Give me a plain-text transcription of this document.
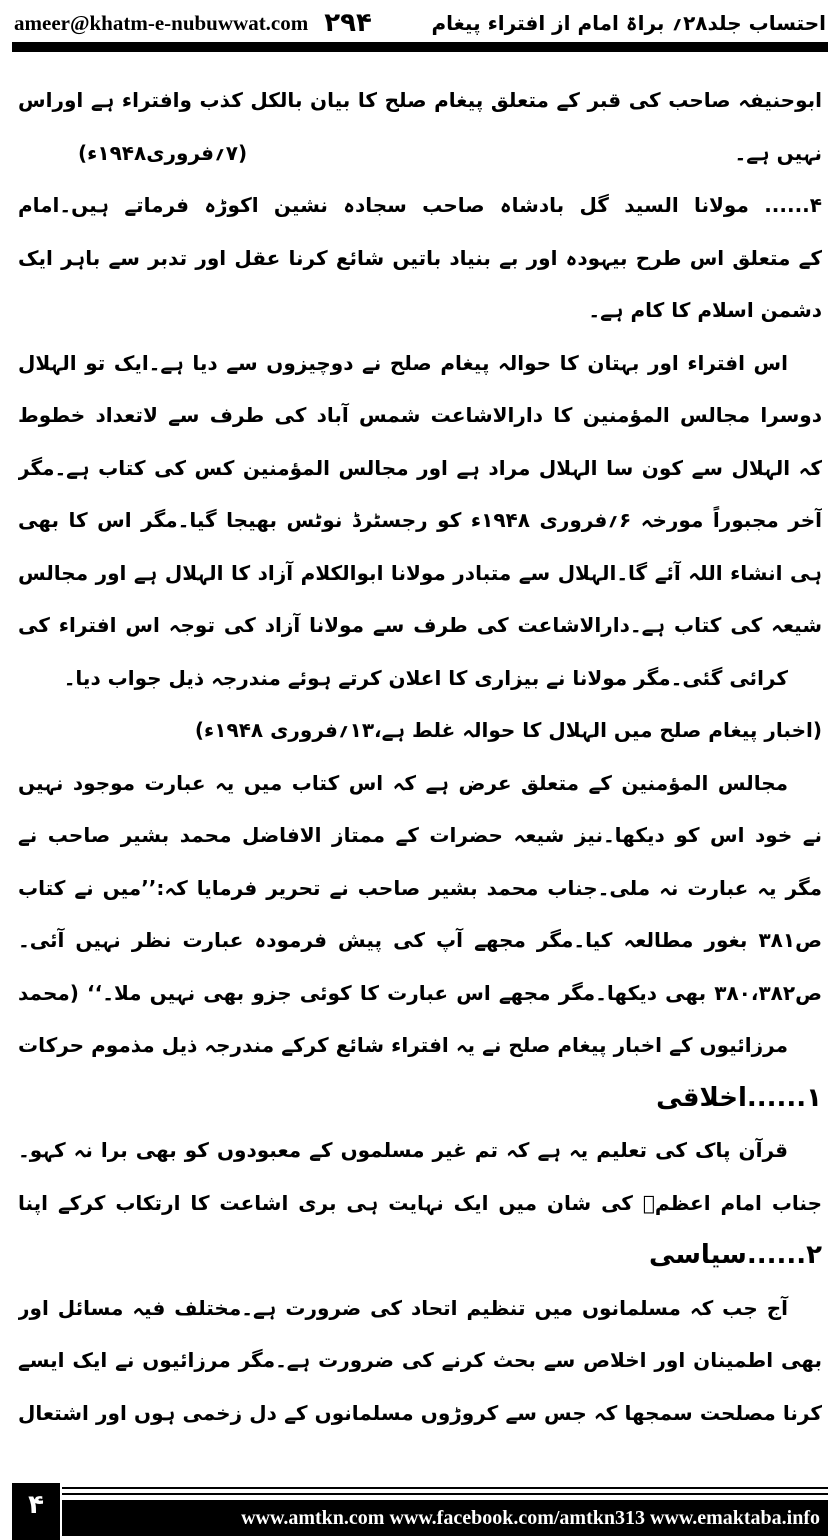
ameer@khatm-e-nubuwwat.com ۲۹۴	احتساب جلد۲۸؍ براۃ امام از افتراء پیغام
ابوحنیفہ صاحب کی قبر کے متعلق پیغام صلح کا بیان بالکل کذب وافتراء ہے اوراس
نہیں ہے۔
(۷؍فروری۱۹۴۸ء)
۴...... مولانا السید گل بادشاہ صاحب سجادہ نشین اکوڑہ فرماتے ہیں۔امام
کے متعلق اس طرح بیہودہ اور بے بنیاد باتیں شائع کرنا عقل اور تدبر سے باہر ایک
دشمن اسلام کا کام ہے۔
اس افتراء اور بہتان کا حوالہ پیغام صلح نے دوچیزوں سے دیا ہے۔ایک تو الہلال
دوسرا مجالس المؤمنین کا دارالاشاعت شمس آباد کی طرف سے لاتعداد خطوط
کہ الہلال سے کون سا الہلال مراد ہے اور مجالس المؤمنین کس کی کتاب ہے۔مگر
آخر مجبوراً مورخہ ۶؍فروری ۱۹۴۸ء کو رجسٹرڈ نوٹس بھیجا گیا۔مگر اس کا بھی
ہی انشاء اللہ آئے گا۔الہلال سے متبادر مولانا ابوالکلام آزاد کا الہلال ہے اور مجالس
شیعہ کی کتاب ہے۔دارالاشاعت کی طرف سے مولانا آزاد کی توجہ اس افتراء کی
کرائی گئی۔مگر مولانا نے بیزاری کا اعلان کرتے ہوئے مندرجہ ذیل جواب دیا۔
(اخبار پیغام صلح میں الہلال کا حوالہ غلط ہے،۱۳؍فروری ۱۹۴۸ء)
مجالس المؤمنین کے متعلق عرض ہے کہ اس کتاب میں یہ عبارت موجود نہیں
نے خود اس کو دیکھا۔نیز شیعہ حضرات کے ممتاز الافاضل محمد بشیر صاحب نے
مگر یہ عبارت نہ ملی۔جناب محمد بشیر صاحب نے تحریر فرمایا کہ:’’میں نے کتاب
ص۳۸۱ بغور مطالعہ کیا۔مگر مجھے آپ کی پیش فرمودہ عبارت نظر نہیں آئی۔
ص۳۸۰،۳۸۲ بھی دیکھا۔مگر مجھے اس عبارت کا کوئی جزو بھی نہیں ملا۔‘‘ (محمد
مرزائیوں کے اخبار پیغام صلح نے یہ افتراء شائع کرکے مندرجہ ذیل مذموم حرکات
۱......اخلاقی
قرآن پاک کی تعلیم یہ ہے کہ تم غیر مسلموں کے معبودوں کو بھی برا نہ کہو۔
جناب امام اعظمؒ کی شان میں ایک نہایت ہی بری اشاعت کا ارتکاب کرکے اپنا
۲......سیاسی
آج جب کہ مسلمانوں میں تنظیم اتحاد کی ضرورت ہے۔مختلف فیہ مسائل اور
بھی اطمینان اور اخلاص سے بحث کرنے کی ضرورت ہے۔مگر مرزائیوں نے ایک ایسے
کرنا مصلحت سمجھا کہ جس سے کروڑوں مسلمانوں کے دل زخمی ہوں اور اشتعال
۴	www.amtkn.com www.facebook.com/amtkn313 www.emaktaba.info
